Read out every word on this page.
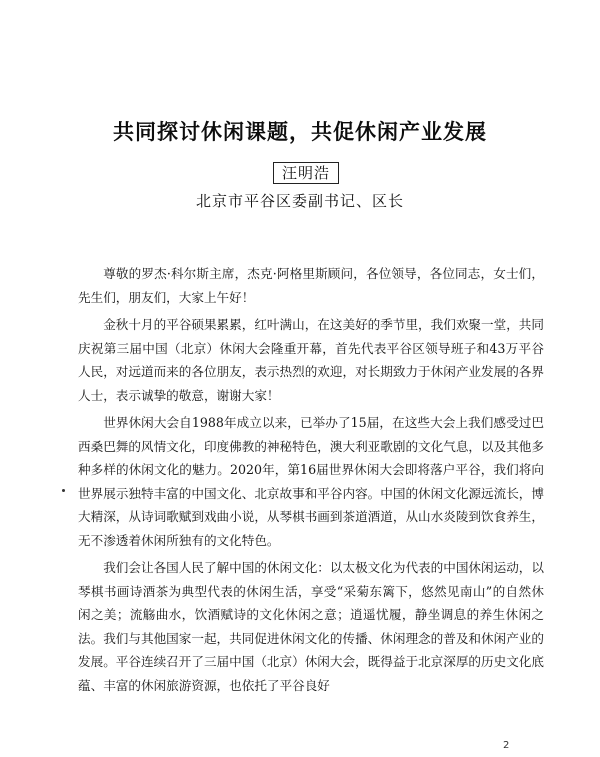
共同探讨休闲课题，共促休闲产业发展
汪明浩
北京市平谷区委副书记、区长

尊敬的罗杰·科尔斯主席，杰克·阿格里斯顾问，各位领导，各位同志，女士们，先生们，朋友们，大家上午好！

金秋十月的平谷硕果累累，红叶满山，在这美好的季节里，我们欢聚一堂，共同庆祝第三届中国（北京）休闲大会隆重开幕，首先代表平谷区领导班子和43万平谷人民，对远道而来的各位朋友，表示热烈的欢迎，对长期致力于休闲产业发展的各界人士，表示诚挚的敬意，谢谢大家！

世界休闲大会自1988年成立以来，已举办了15届，在这些大会上我们感受过巴西桑巴舞的风情文化，印度佛教的神秘特色，澳大利亚歌剧的文化气息，以及其他多种多样的休闲文化的魅力。2020年，第16届世界休闲大会即将落户平谷，我们将向世界展示独特丰富的中国文化、北京故事和平谷内容。中国的休闲文化源远流长，博大精深，从诗词歌赋到戏曲小说，从琴棋书画到茶道酒道，从山水炎陵到饮食养生，无不渗透着休闲所独有的文化特色。

我们会让各国人民了解中国的休闲文化：以太极文化为代表的中国休闲运动，以琴棋书画诗酒茶为典型代表的休闲生活，享受“采菊东篱下，悠然见南山”的自然休闲之美；流觞曲水，饮酒赋诗的文化休闲之意；逍遥忧履，静坐调息的养生休闲之法。我们与其他国家一起，共同促进休闲文化的传播、休闲理念的普及和休闲产业的发展。平谷连续召开了三届中国（北京）休闲大会，既得益于北京深厚的历史文化底蕴、丰富的休闲旅游资源，也依托了平谷良好

2
